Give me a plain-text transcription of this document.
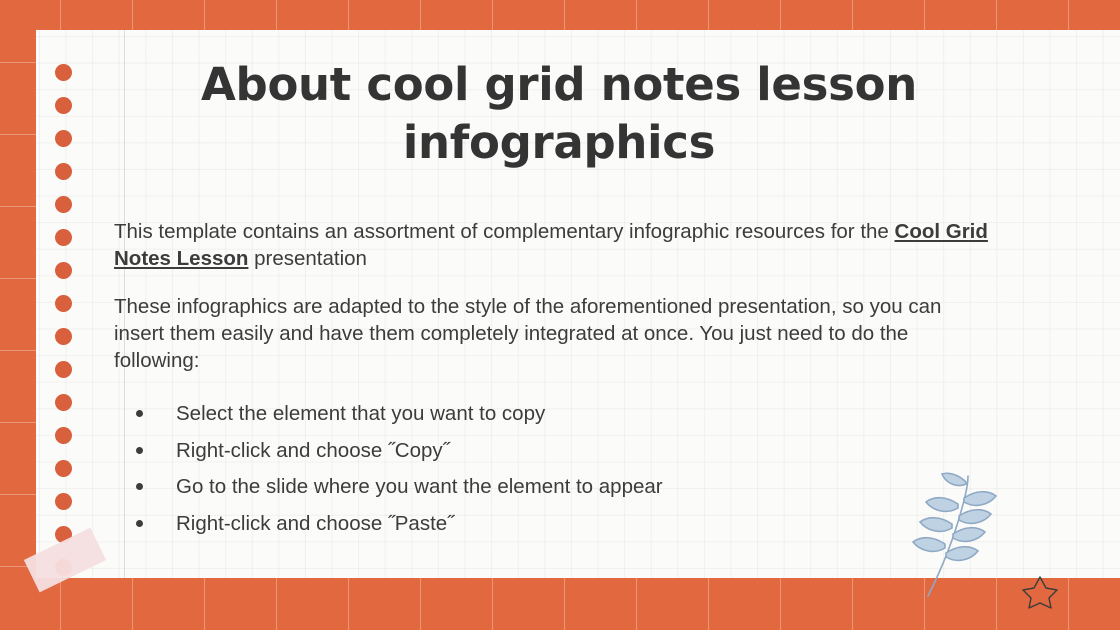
About cool grid notes lesson infographics

This template contains an assortment of complementary infographic resources for the Cool Grid Notes Lesson presentation

These infographics are adapted to the style of the aforementioned presentation, so you can insert them easily and have them completely integrated at once. You just need to do the following:

Select the element that you want to copy
Right-click and choose ˝Copy˝
Go to the slide where you want the element to appear
Right-click and choose ˝Paste˝
